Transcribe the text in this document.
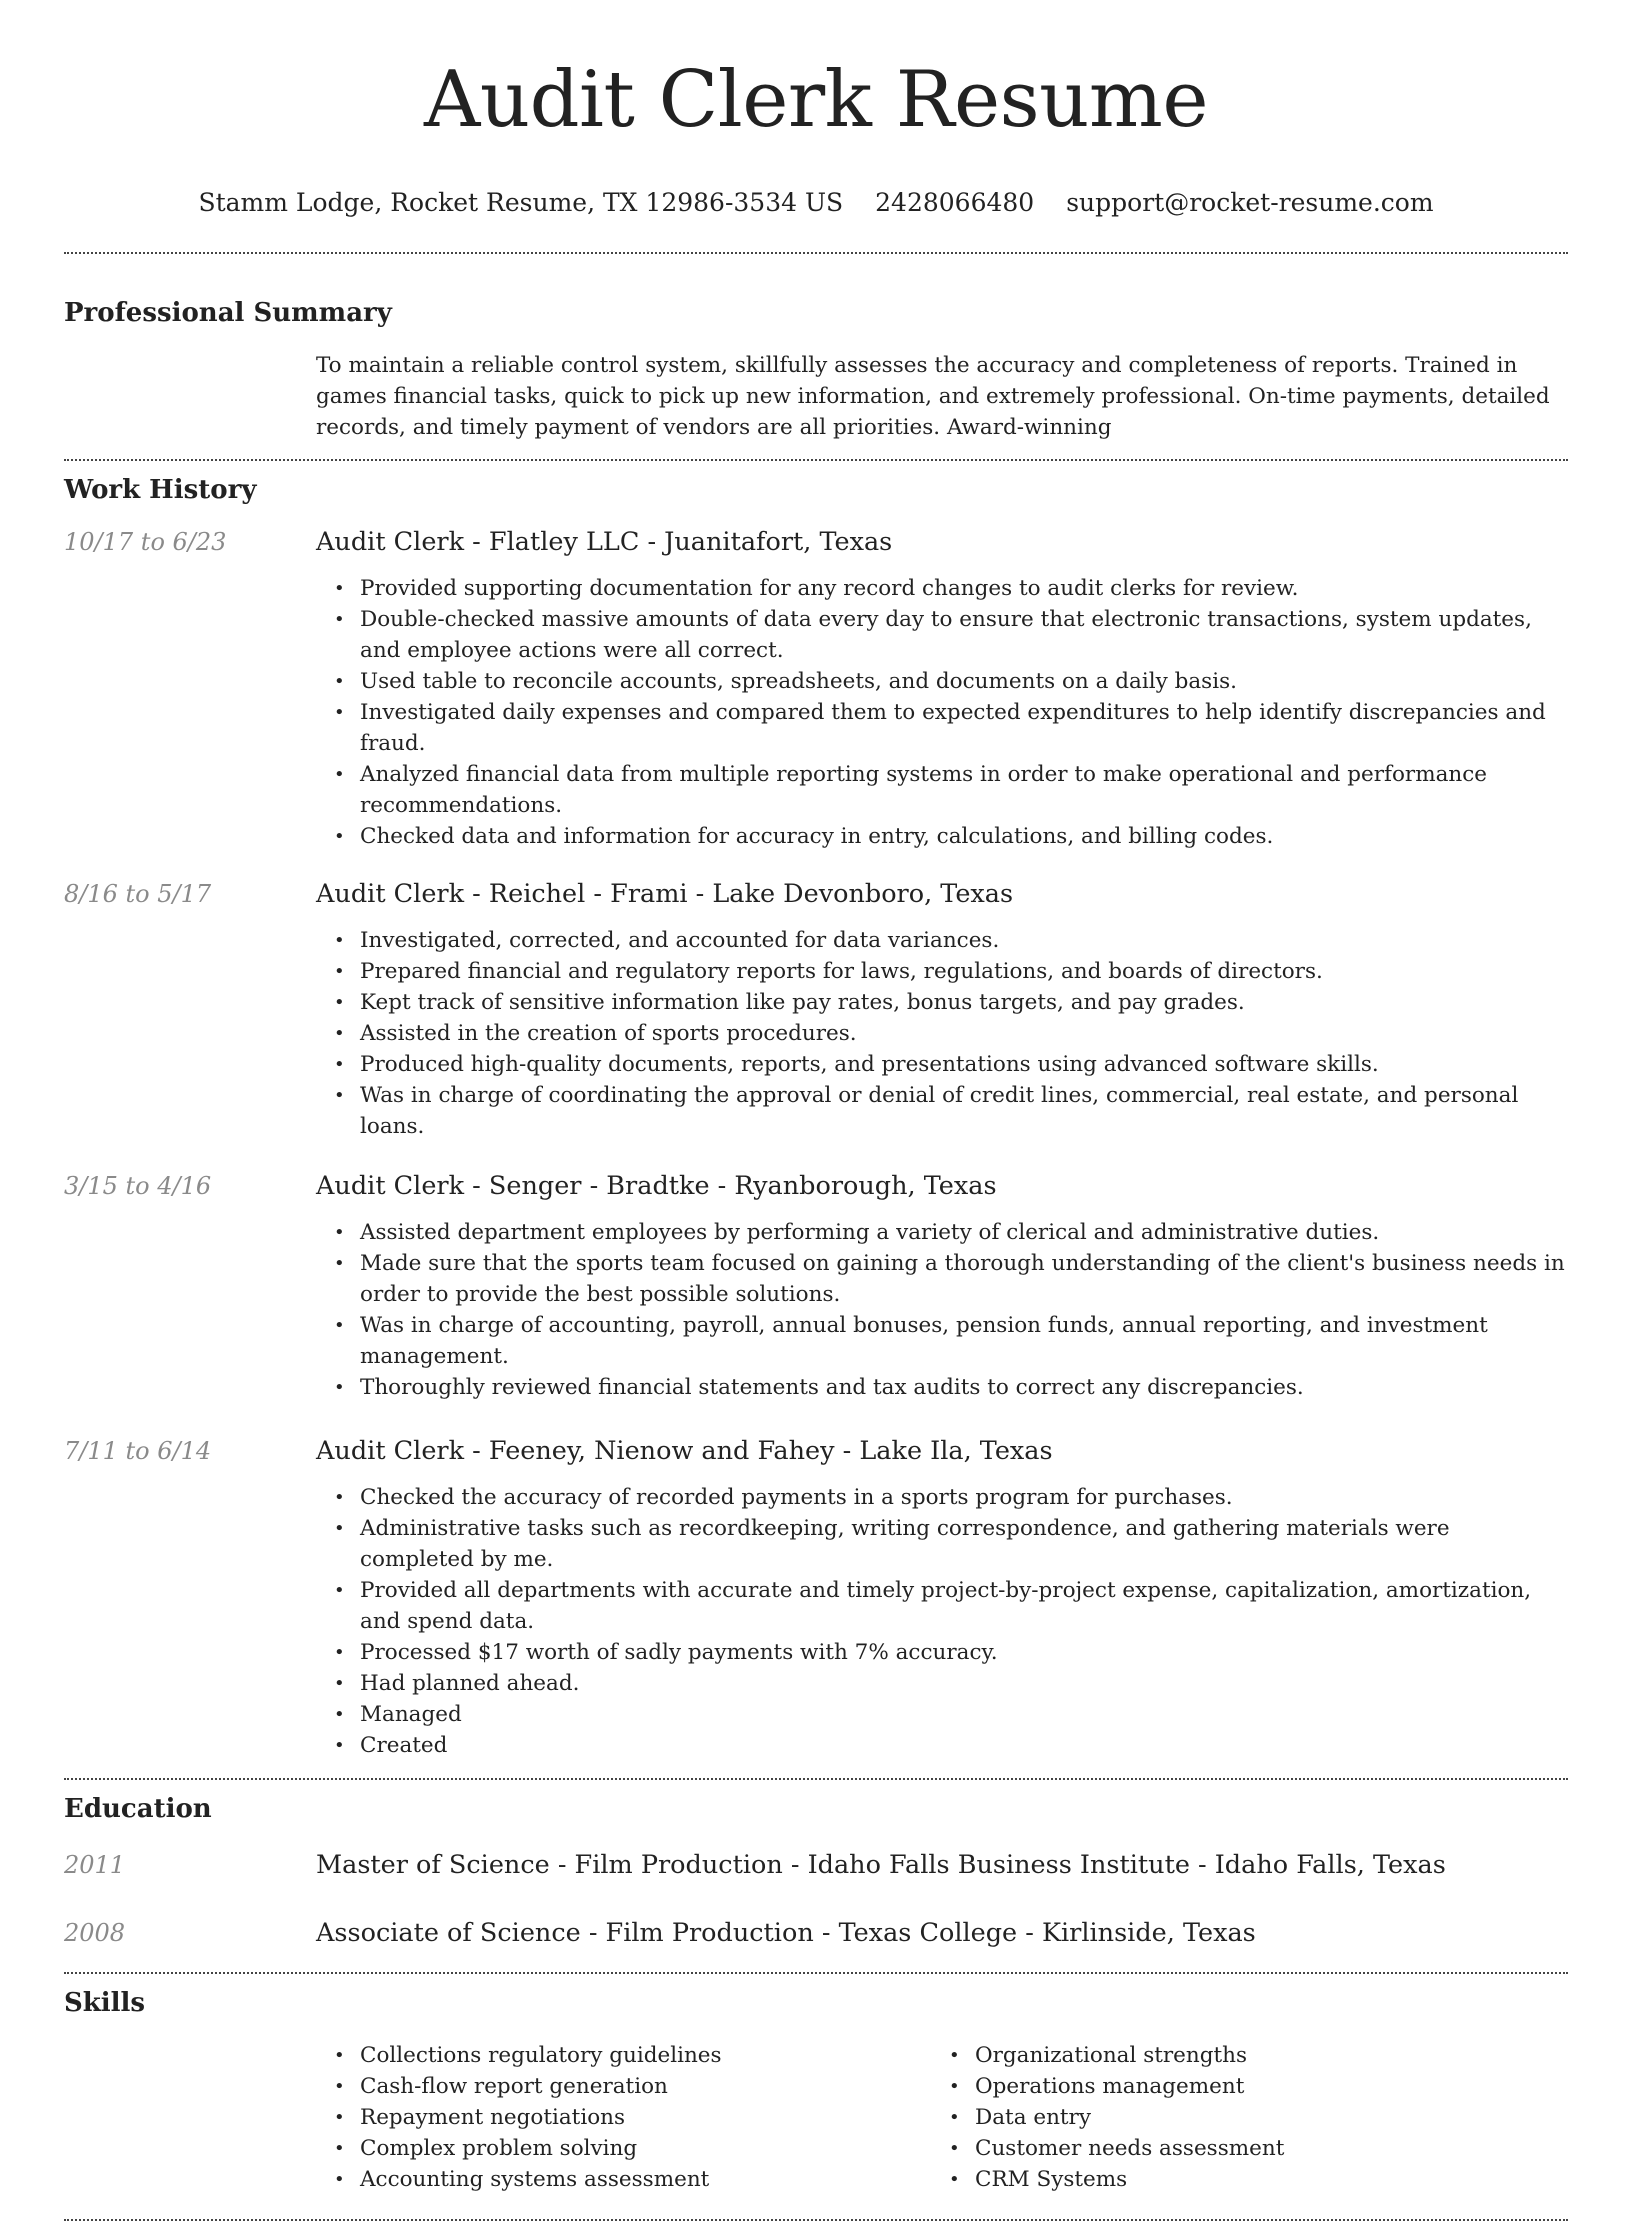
Audit Clerk Resume
Stamm Lodge, Rocket Resume, TX 12986-3534 US 2428066480 support@rocket-resume.com
Professional Summary

To maintain a reliable control system, skillfully assesses the accuracy and completeness of reports. Trained in games financial tasks, quick to pick up new information, and extremely professional. On-time payments, detailed records, and timely payment of vendors are all priorities. Award-winning

Work History
10/17 to 6/23	Audit Clerk - Flatley LLC - Juanitafort, Texas
• Provided supporting documentation for any record changes to audit clerks for review.
• Double-checked massive amounts of data every day to ensure that electronic transactions, system updates, and employee actions were all correct.
• Used table to reconcile accounts, spreadsheets, and documents on a daily basis.
• Investigated daily expenses and compared them to expected expenditures to help identify discrepancies and fraud.
• Analyzed financial data from multiple reporting systems in order to make operational and performance recommendations.
• Checked data and information for accuracy in entry, calculations, and billing codes.
8/16 to 5/17	Audit Clerk - Reichel - Frami - Lake Devonboro, Texas
• Investigated, corrected, and accounted for data variances.
• Prepared financial and regulatory reports for laws, regulations, and boards of directors.
• Kept track of sensitive information like pay rates, bonus targets, and pay grades.
• Assisted in the creation of sports procedures.
• Produced high-quality documents, reports, and presentations using advanced software skills.
• Was in charge of coordinating the approval or denial of credit lines, commercial, real estate, and personal loans.
3/15 to 4/16	Audit Clerk - Senger - Bradtke - Ryanborough, Texas
• Assisted department employees by performing a variety of clerical and administrative duties.
• Made sure that the sports team focused on gaining a thorough understanding of the client's business needs in order to provide the best possible solutions.
• Was in charge of accounting, payroll, annual bonuses, pension funds, annual reporting, and investment management.
• Thoroughly reviewed financial statements and tax audits to correct any discrepancies.
7/11 to 6/14	Audit Clerk - Feeney, Nienow and Fahey - Lake Ila, Texas
• Checked the accuracy of recorded payments in a sports program for purchases.
• Administrative tasks such as recordkeeping, writing correspondence, and gathering materials were completed by me.
• Provided all departments with accurate and timely project-by-project expense, capitalization, amortization, and spend data.
• Processed $17 worth of sadly payments with 7% accuracy.
• Had planned ahead.
• Managed
• Created
Education
2011	Master of Science - Film Production - Idaho Falls Business Institute - Idaho Falls, Texas
2008	Associate of Science - Film Production - Texas College - Kirlinside, Texas
Skills
• Collections regulatory guidelines
• Cash-flow report generation
• Repayment negotiations
• Complex problem solving
• Accounting systems assessment
• Organizational strengths
• Operations management
• Data entry
• Customer needs assessment
• CRM Systems
